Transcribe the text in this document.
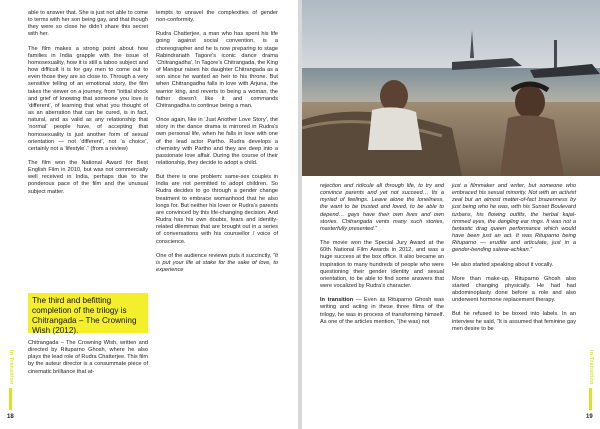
able to answer that. She is just not able to come to terms with her son being gay, and that though they were so close he didn’t share this secret with her.

The film makes a strong point about how families in India grapple with the issue of homosexuality, how it is still a taboo subject and how difficult it is for gay men to come out to even those they are so close to. Through a very sensitive telling of an emotional story, the film takes the viewer on a journey, from “initial shock and grief of knowing that someone you love is ‘different’, of learning that what you thought of as an aberration that can be cured, is in fact, natural, and as valid as any relationship that ‘normal’ people have, of accepting that homosexuality is just another form of sexual orientation — not ‘different’, not ‘a choice’, certainly not a ‘lifestyle’.” (from a review)

The film won the National Award for Best English Film in 2010, but was not commercially well received in India, perhaps due to the ponderous pace of the film and the unusual subject matter.

The third and befitting completion of the trilogy is Chitrangada – The Crowning Wish (2012).

Chitrangada – The Crowning Wish, written and directed by Rituparno Ghosh, where he also plays the lead role of Rudra Chatterjee. This film by the auteur director is a consummate piece of cinematic brilliance that at-

tempts to unravel the complexities of gender non-conformity.

Rudra Chatterjee, a man who has spent his life going against social convention, is a choreographer and he is now preparing to stage Rabindranath Tagore’s iconic dance drama ‘Chitrangadha’. In Tagore’s Chitrangada, the King of Manipur raises his daughter Chitrangada as a son since he wanted an heir to his throne. But when Chitrangadha falls in love with Arjuna, the warrior king, and reverts to being a woman, the father doesn’t like it and commands Chitrangadha to continue being a man.

Once again, like in ‘Just Another Love Story’, the story in the dance drama is mirrored in Rudra’s own personal life, when he falls in love with one of the lead actor Partho. Rudra develops a chemistry with Partho and they are deep into a passionate love affair. During the course of their relationship, they decide to adopt a child.

But there is one problem: same-sex couples in India are not permitted to adopt children. So Rudra decides to go through a gender change treatment to embrace womanhood that he also longs for. But neither his lover or Rudra’s parents are convinced by this life-changing decision. And Rudra has his own doubts, fears and identity-related dilemmas that are brought out in a series of conversations with his counsellor / voice of conscience.

One of the audience reviews puts it succinctly, “It is put your life at stake for the sake of love, to experience

In Transition
18

rejection and ridicule all through life, to try and convince parents and yet not succeed… Its a myriad of feelings. Leave alone the loneliness, the want to be trusted and loved, to be able to depend… gays have their own lives and own stories. Chitrangada vents many such stories, masterfully presented.”

The movie won the Special Jury Award at the 60th National Film Awards in 2012, and was a huge success at the box office. It also became an inspiration to many hundreds of people who were questioning their gender identity and sexual orientation, to be able to find some answers that were vocalized by Rudra’s character.

In transition — Even as Rituparno Ghosh was writing and acting in these three films of the trilogy, he was in process of transforming himself. As one of the articles mention, “(he was) not

just a filmmaker and writer, but someone who embraced his sexual minority. Not with an activist zeal but an almost matter-of-fact brazenness by just being who he was, with his Sunset Boulevard turbans, his flowing outfits, the herbal kajal-rimmed eyes, the dangling ear rings. It was not a fantastic drag queen performance which would have been just an act. It was Rituparno being Rituparno — erudite and articulate, just in a gender-bending salwar-achkan.”

He also started speaking about it vocally.

More than make-up, Rituparno Ghosh also started changing physically. He had had abdominoplasty done before a role and also underwent hormone replacement therapy.

But he refused to be boxed into labels. In an interview he said, “It is assumed that feminine gay men desire to be

In Transition
19
